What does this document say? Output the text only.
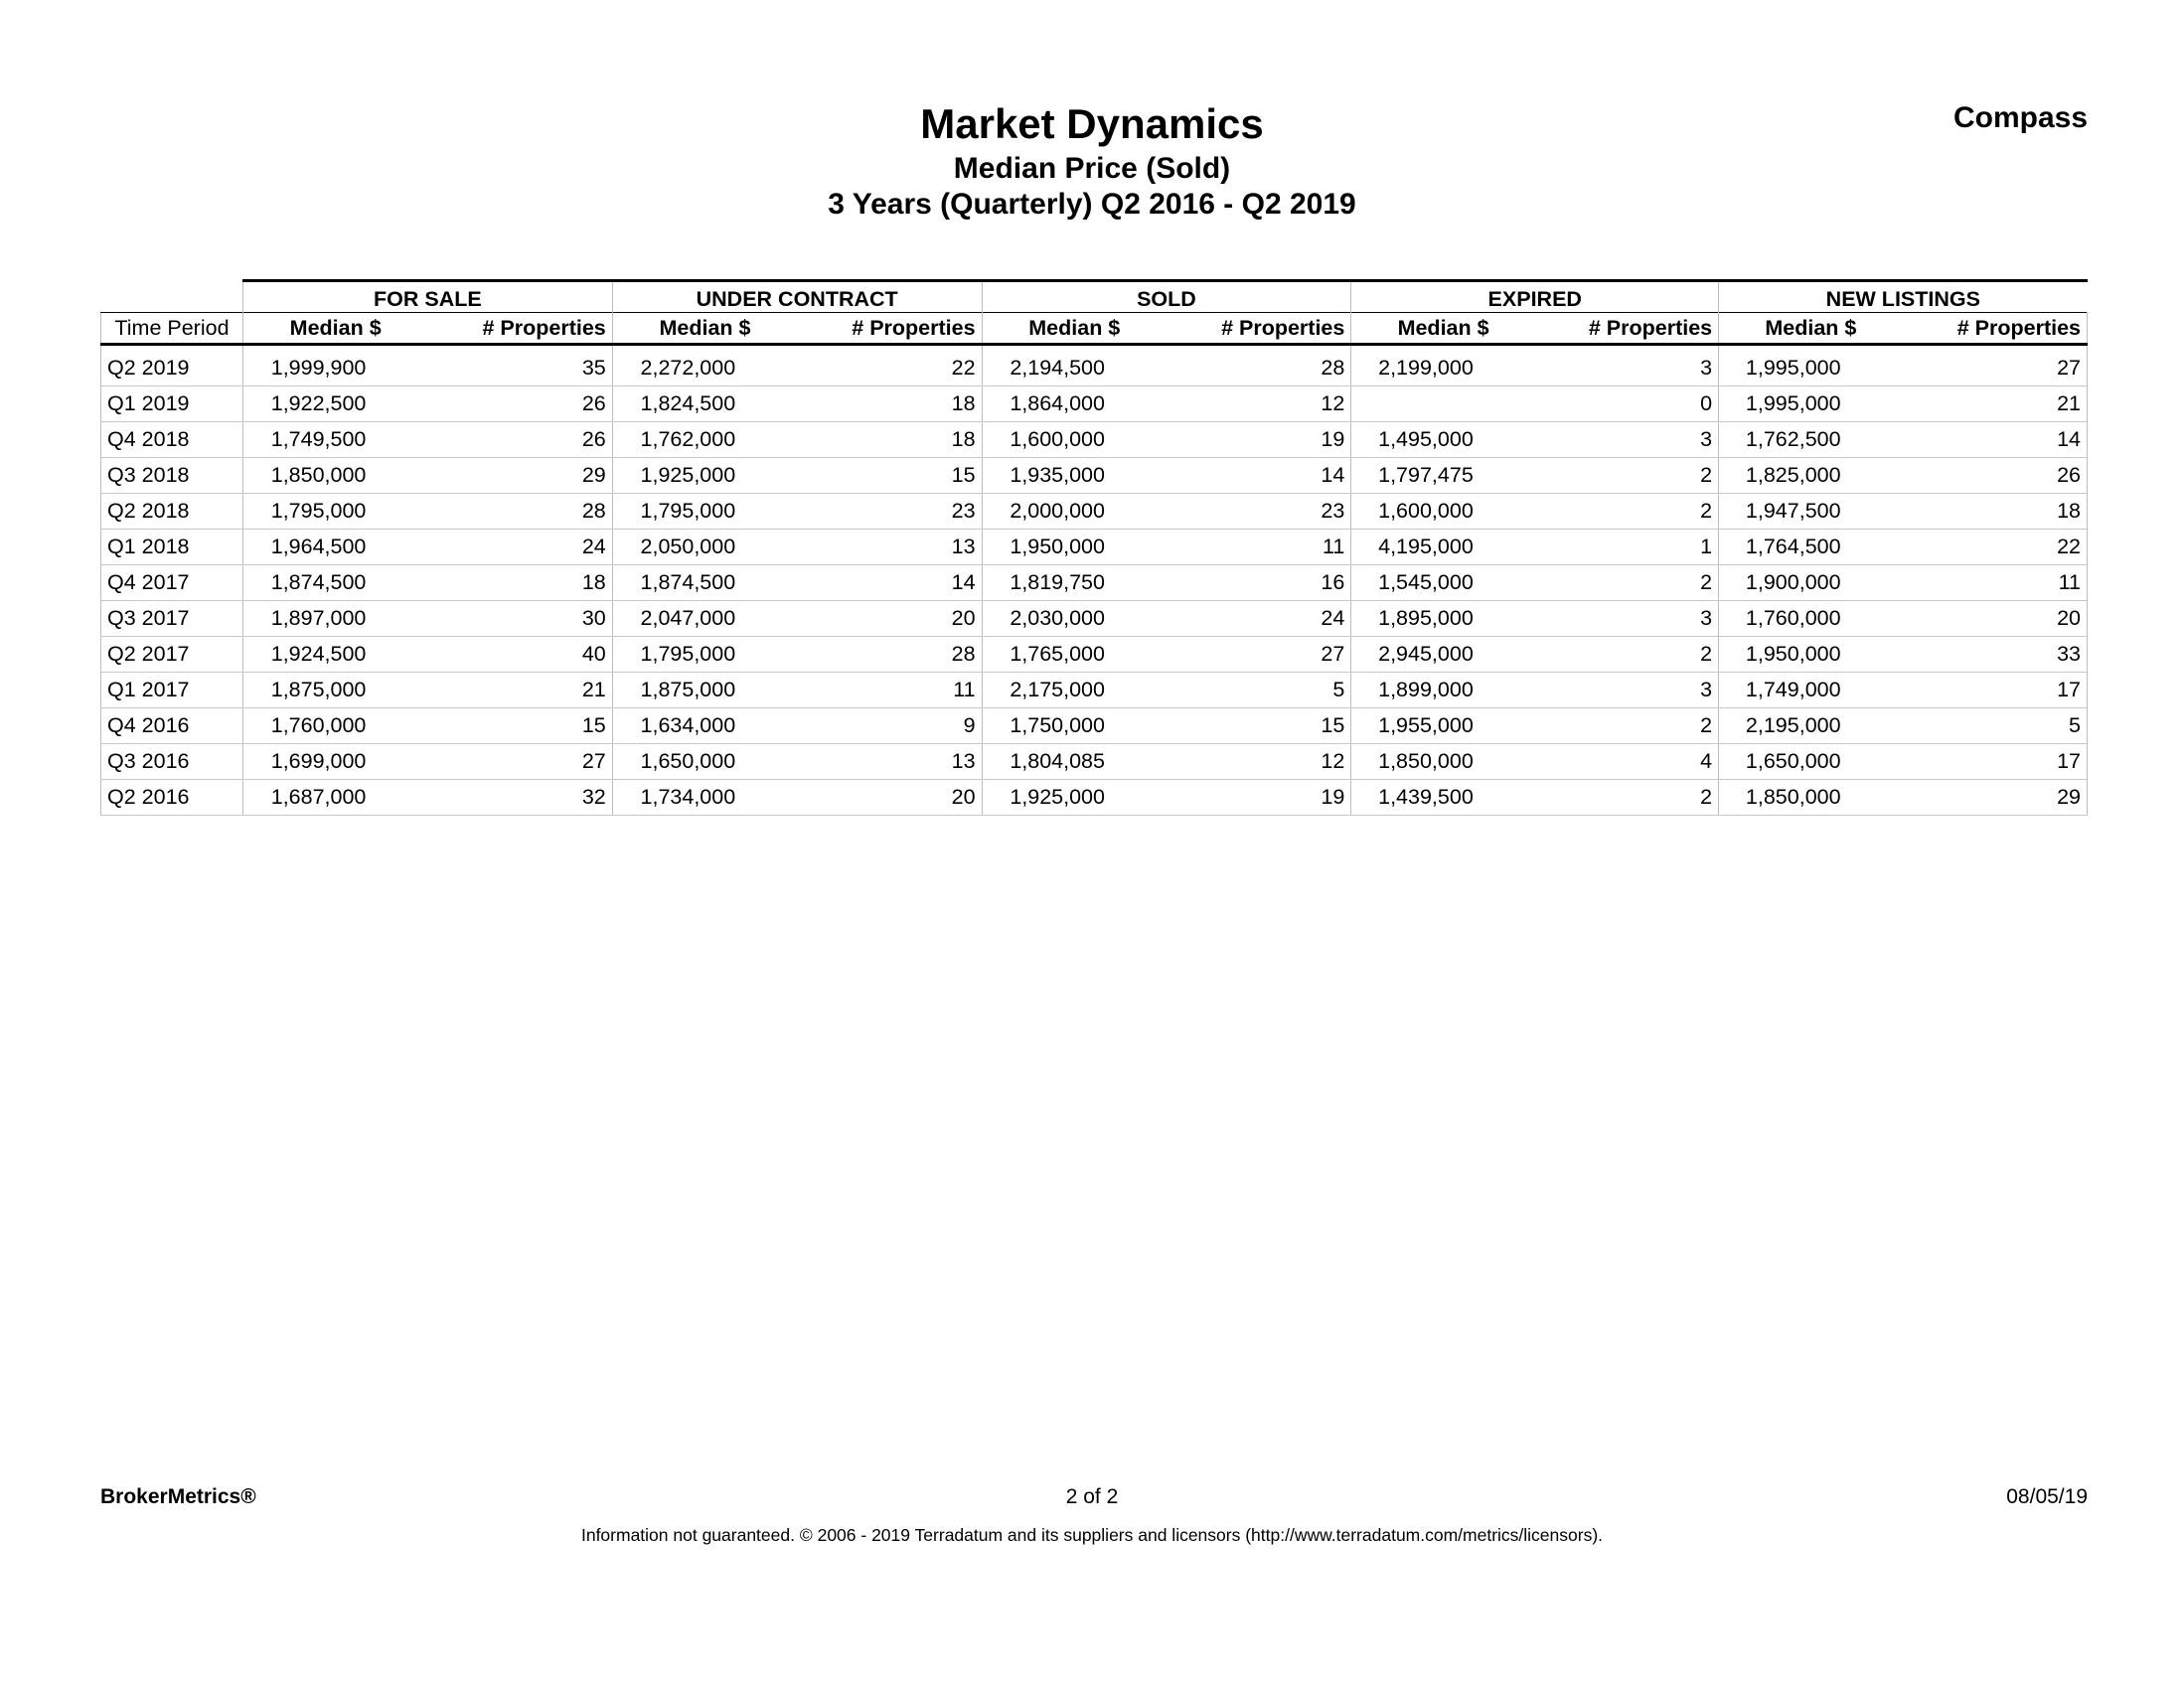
Market Dynamics
Median Price (Sold)
3 Years (Quarterly) Q2 2016 - Q2 2019
Compass
	FOR SALE		UNDER CONTRACT		SOLD		EXPIRED		NEW LISTINGS	
Time Period	Median $	# Properties	Median $	# Properties	Median $	# Properties	Median $	# Properties	Median $	# Properties

Q2 2019	1,999,900	35	2,272,000	22	2,194,500	28	2,199,000	3	1,995,000	27
Q1 2019	1,922,500	26	1,824,500	18	1,864,000	12		0	1,995,000	21
Q4 2018	1,749,500	26	1,762,000	18	1,600,000	19	1,495,000	3	1,762,500	14
Q3 2018	1,850,000	29	1,925,000	15	1,935,000	14	1,797,475	2	1,825,000	26
Q2 2018	1,795,000	28	1,795,000	23	2,000,000	23	1,600,000	2	1,947,500	18
Q1 2018	1,964,500	24	2,050,000	13	1,950,000	11	4,195,000	1	1,764,500	22
Q4 2017	1,874,500	18	1,874,500	14	1,819,750	16	1,545,000	2	1,900,000	11
Q3 2017	1,897,000	30	2,047,000	20	2,030,000	24	1,895,000	3	1,760,000	20
Q2 2017	1,924,500	40	1,795,000	28	1,765,000	27	2,945,000	2	1,950,000	33
Q1 2017	1,875,000	21	1,875,000	11	2,175,000	5	1,899,000	3	1,749,000	17
Q4 2016	1,760,000	15	1,634,000	9	1,750,000	15	1,955,000	2	2,195,000	5
Q3 2016	1,699,000	27	1,650,000	13	1,804,085	12	1,850,000	4	1,650,000	17
Q2 2016	1,687,000	32	1,734,000	20	1,925,000	19	1,439,500	2	1,850,000	29
BrokerMetrics®	2 of 2	08/05/19
Information not guaranteed. © 2006 - 2019 Terradatum and its suppliers and licensors (http://www.terradatum.com/metrics/licensors).
